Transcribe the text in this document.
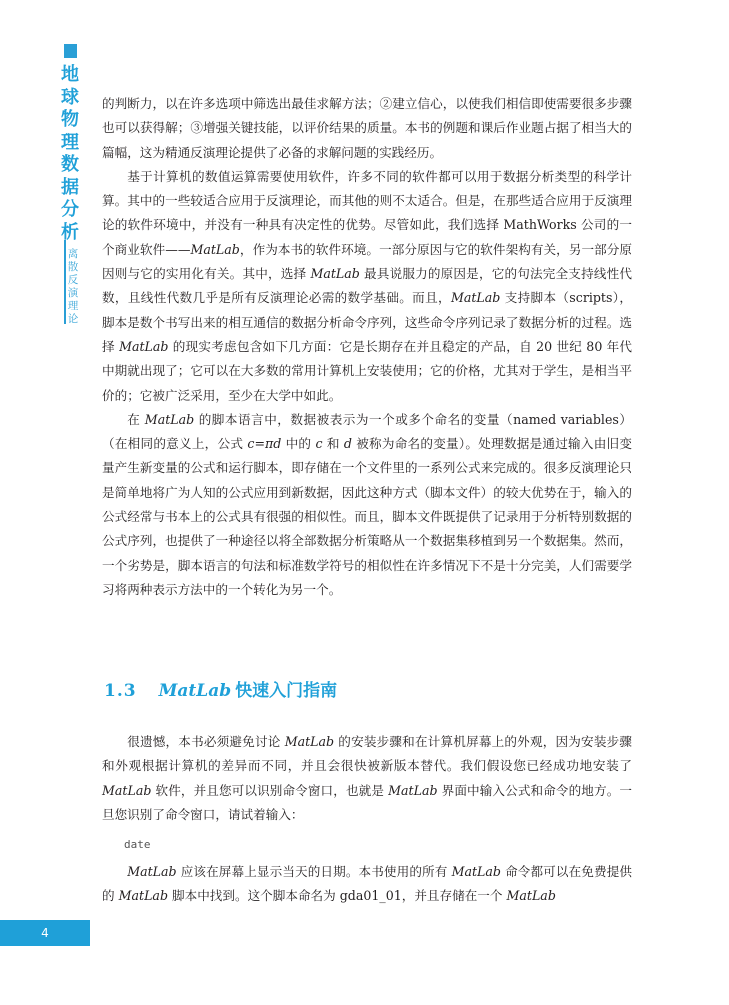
地
球
物
理
数
据
分
析
离
散
反
演
理
论

的判断力，以在许多选项中筛选出最佳求解方法；②建立信心，以使我们相信即使需要很多步骤也可以获得解；③增强关键技能，以评价结果的质量。本书的例题和课后作业题占据了相当大的篇幅，这为精通反演理论提供了必备的求解问题的实践经历。

基于计算机的数值运算需要使用软件，许多不同的软件都可以用于数据分析类型的科学计算。其中的一些较适合应用于反演理论，而其他的则不太适合。但是，在那些适合应用于反演理论的软件环境中，并没有一种具有决定性的优势。尽管如此，我们选择 MathWorks 公司的一个商业软件——MatLab，作为本书的软件环境。一部分原因与它的软件架构有关，另一部分原因则与它的实用化有关。其中，选择 MatLab 最具说服力的原因是，它的句法完全支持线性代数，且线性代数几乎是所有反演理论必需的数学基础。而且，MatLab 支持脚本（scripts），脚本是数个书写出来的相互通信的数据分析命令序列，这些命令序列记录了数据分析的过程。选择 MatLab 的现实考虑包含如下几方面：它是长期存在并且稳定的产品，自 20 世纪 80 年代中期就出现了；它可以在大多数的常用计算机上安装使用；它的价格，尤其对于学生，是相当平价的；它被广泛采用，至少在大学中如此。

在 MatLab 的脚本语言中，数据被表示为一个或多个命名的变量（named variables）（在相同的意义上，公式 c=πd 中的 c 和 d 被称为命名的变量）。处理数据是通过输入由旧变量产生新变量的公式和运行脚本，即存储在一个文件里的一系列公式来完成的。很多反演理论只是简单地将广为人知的公式应用到新数据，因此这种方式（脚本文件）的较大优势在于，输入的公式经常与书本上的公式具有很强的相似性。而且，脚本文件既提供了记录用于分析特别数据的公式序列，也提供了一种途径以将全部数据分析策略从一个数据集移植到另一个数据集。然而，一个劣势是，脚本语言的句法和标准数学符号的相似性在许多情况下不是十分完美，人们需要学习将两种表示方法中的一个转化为另一个。

1.3 MatLab 快速入门指南

很遗憾，本书必须避免讨论 MatLab 的安装步骤和在计算机屏幕上的外观，因为安装步骤和外观根据计算机的差异而不同，并且会很快被新版本替代。我们假设您已经成功地安装了 MatLab 软件，并且您可以识别命令窗口，也就是 MatLab 界面中输入公式和命令的地方。一旦您识别了命令窗口，请试着输入：

date

MatLab 应该在屏幕上显示当天的日期。本书使用的所有 MatLab 命令都可以在免费提供的 MatLab 脚本中找到。这个脚本命名为 gda01_01，并且存储在一个 MatLab

4
